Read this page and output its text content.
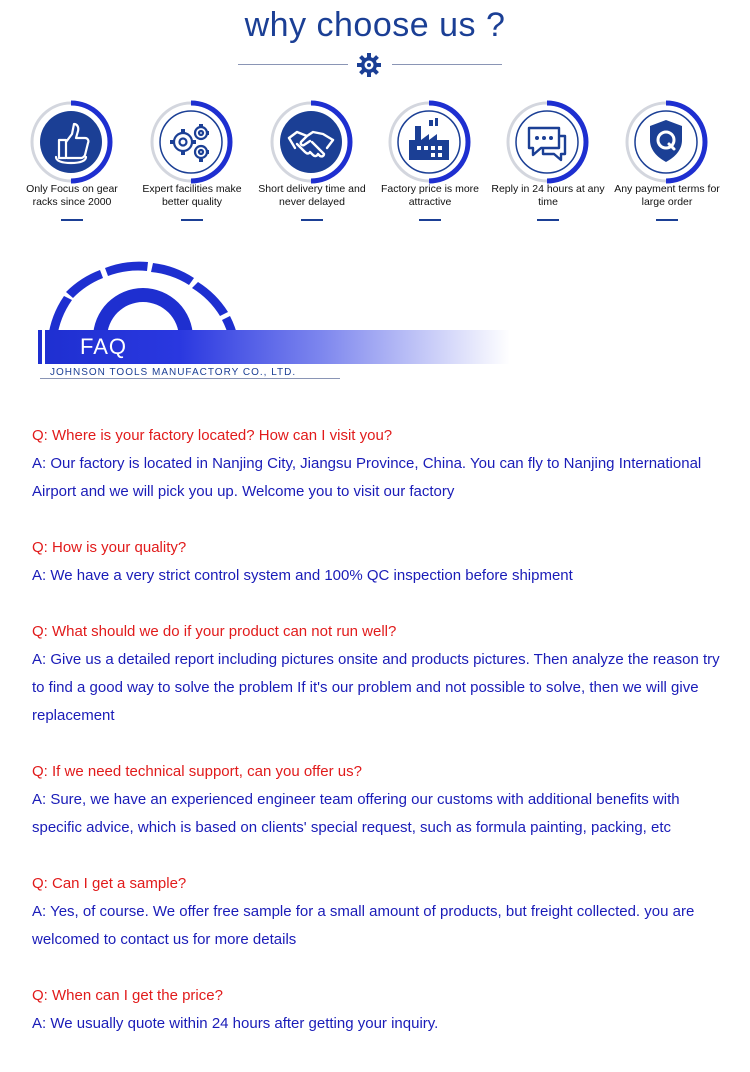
why choose us ?
Only Focus on gear racks since 2000
Expert facilities make better quality
Short delivery time and never delayed
Factory price is more attractive
Reply in 24 hours at any time
Any payment terms for large order
FAQ
JOHNSON TOOLS MANUFACTORY CO., LTD.
Q: Where is your factory located? How can I visit you?
A: Our factory is located in Nanjing City, Jiangsu Province, China. You can fly to Nanjing International Airport and we will pick you up. Welcome you to visit our factory
Q: How is your quality?
A: We have a very strict control system and 100% QC inspection before shipment
Q: What should we do if your product can not run well?
A: Give us a detailed report including pictures onsite and products pictures. Then analyze the reason try to find a good way to solve the problem If it's our problem and not possible to solve, then we will give replacement
Q: If we need technical support, can you offer us?
A: Sure, we have an experienced engineer team offering our customs with additional benefits with specific advice, which is based on clients' special request, such as formula painting, packing, etc
Q: Can I get a sample?
A: Yes, of course. We offer free sample for a small amount of products, but freight collected. you are welcomed to contact us for more details
Q: When can I get the price?
A: We usually quote within 24 hours after getting your inquiry.
